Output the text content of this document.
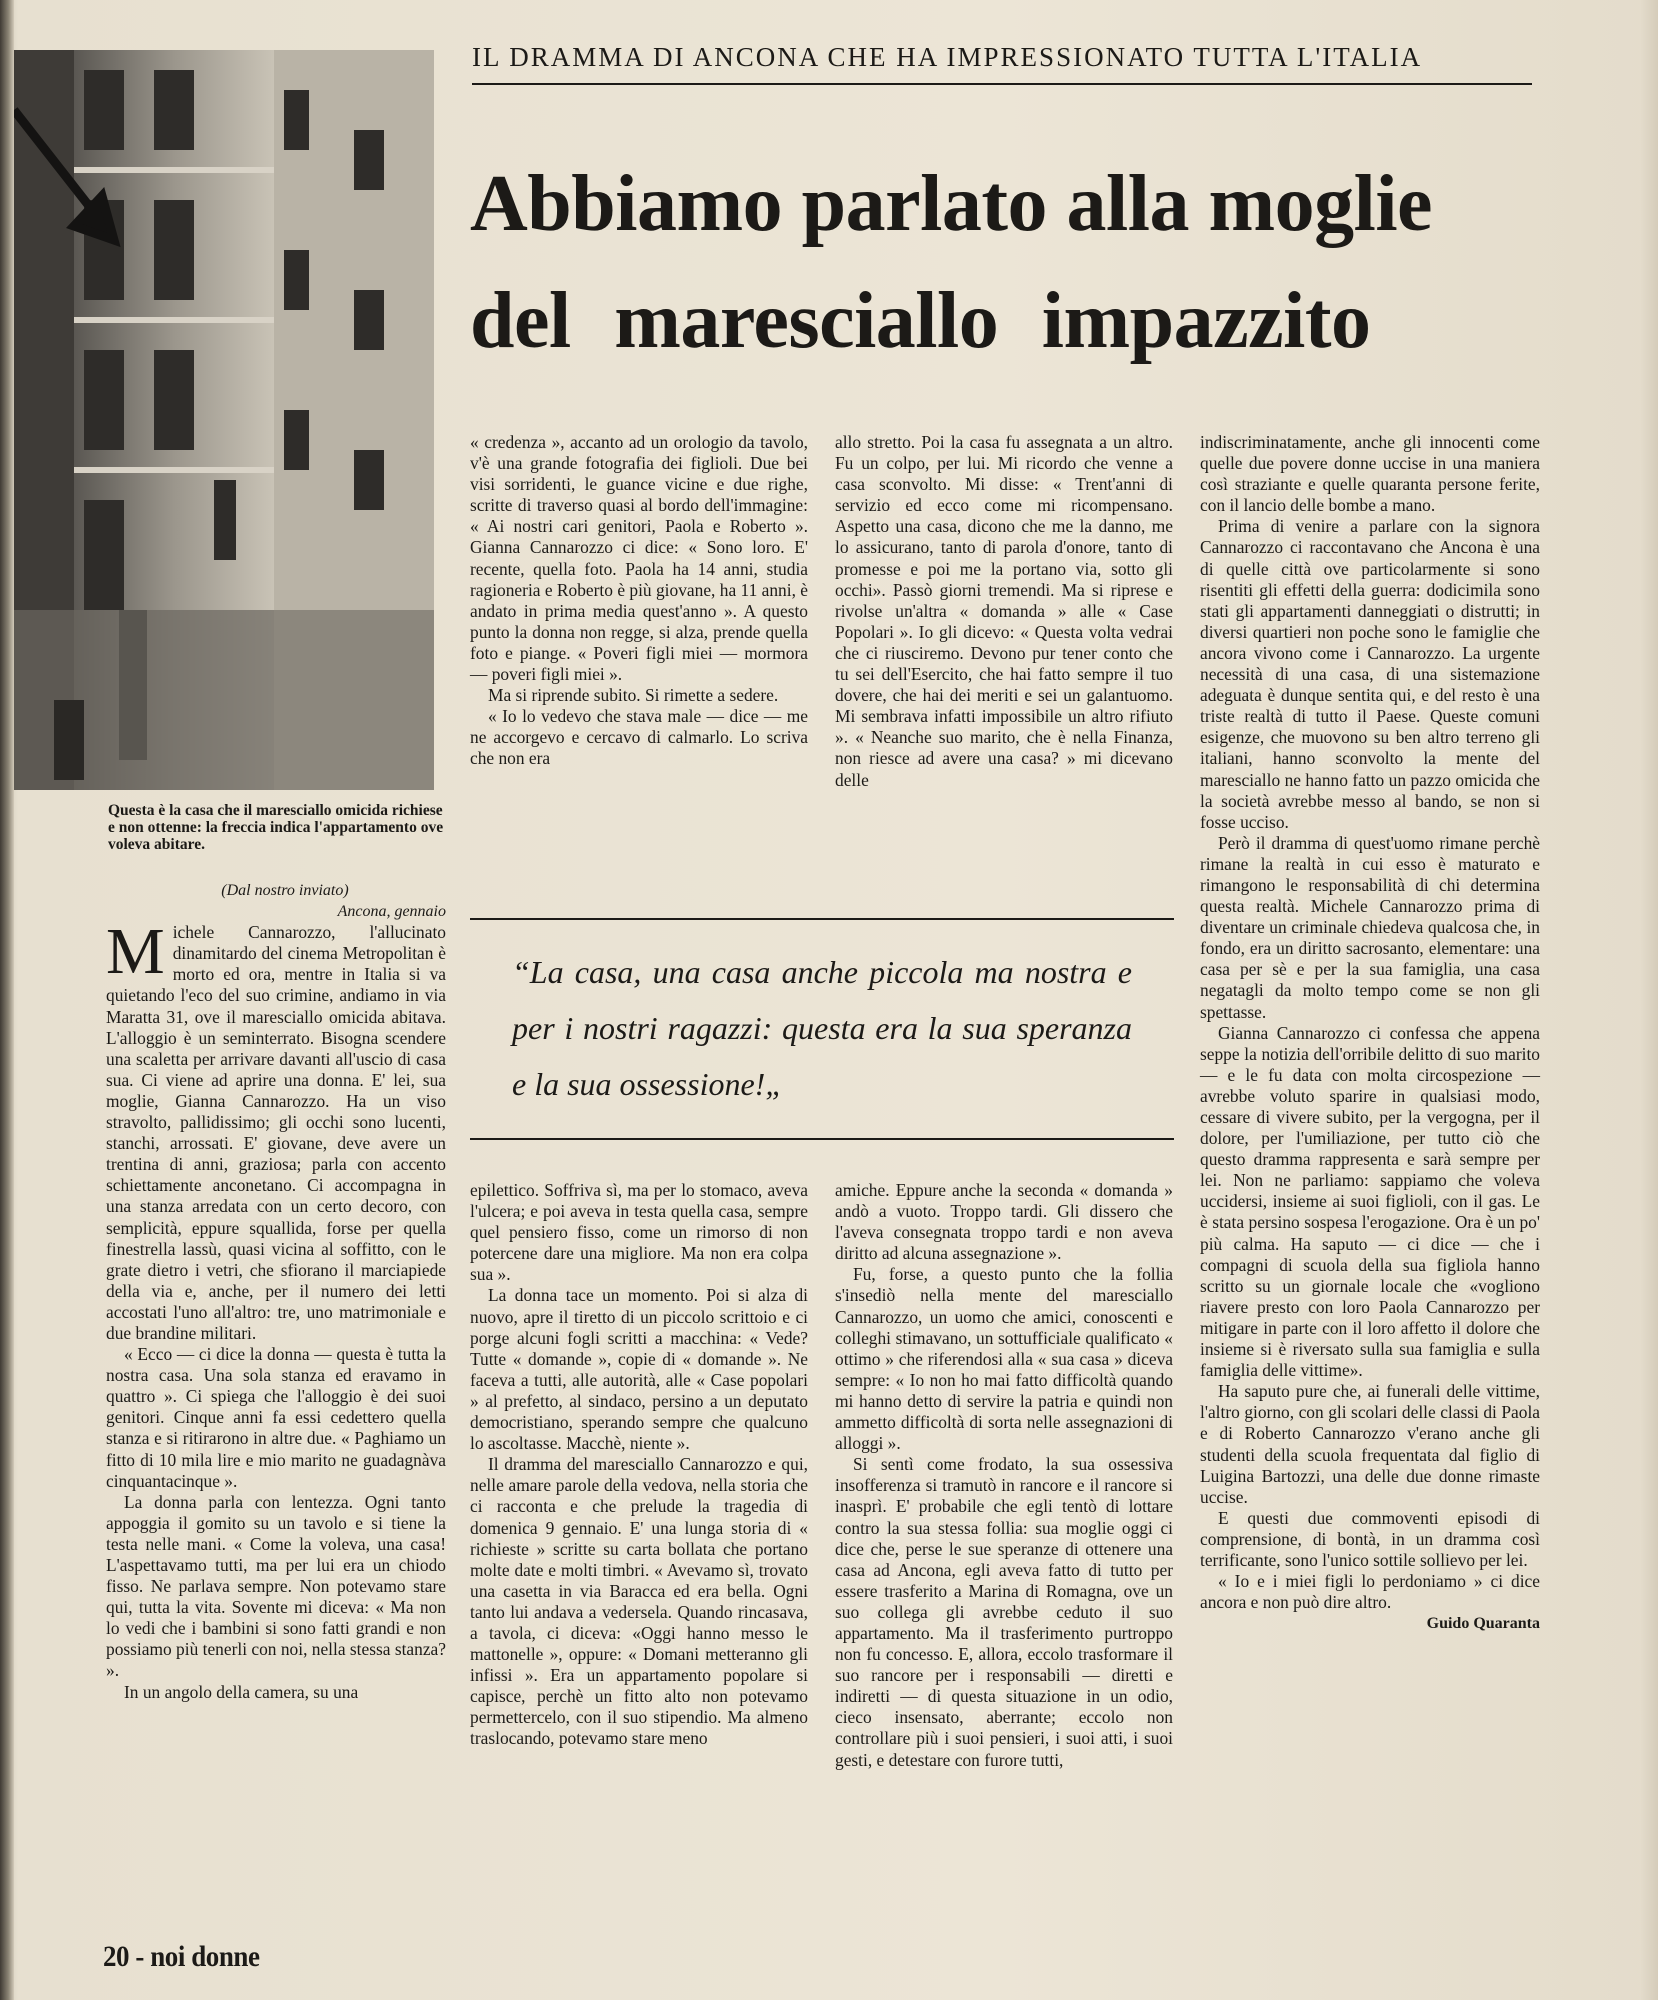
Questa è la casa che il maresciallo omicida richiese e non ottenne: la freccia indica l'appartamento ove voleva abitare.
IL DRAMMA DI ANCONA CHE HA IMPRESSIONATO TUTTA L'ITALIA
Abbiamo parlato alla moglie
del maresciallo impazzito

(Dal nostro inviato)

Ancona, gennaio

Michele Cannarozzo, l'allucinato dinamitardo del cinema Metropolitan è morto ed ora, mentre in Italia si va quietando l'eco del suo crimine, andiamo in via Maratta 31, ove il maresciallo omicida abitava. L'alloggio è un seminterrato. Bisogna scendere una scaletta per arrivare davanti all'uscio di casa sua. Ci viene ad aprire una donna. E' lei, sua moglie, Gianna Cannarozzo. Ha un viso stravolto, pallidissimo; gli occhi sono lucenti, stanchi, arrossati. E' giovane, deve avere un trentina di anni, graziosa; parla con accento schiettamente anconetano. Ci accompagna in una stanza arredata con un certo decoro, con semplicità, eppure squallida, forse per quella finestrella lassù, quasi vicina al soffitto, con le grate dietro i vetri, che sfiorano il marciapiede della via e, anche, per il numero dei letti accostati l'uno all'altro: tre, uno matrimoniale e due brandine militari.

« Ecco — ci dice la donna — questa è tutta la nostra casa. Una sola stanza ed eravamo in quattro ». Ci spiega che l'alloggio è dei suoi genitori. Cinque anni fa essi cedettero quella stanza e si ritirarono in altre due. « Paghiamo un fitto di 10 mila lire e mio marito ne guadagnàva cinquantacinque ».

La donna parla con lentezza. Ogni tanto appoggia il gomito su un tavolo e si tiene la testa nelle mani. « Come la voleva, una casa! L'aspettavamo tutti, ma per lui era un chiodo fisso. Ne parlava sempre. Non potevamo stare qui, tutta la vita. Sovente mi diceva: « Ma non lo vedi che i bambini si sono fatti grandi e non possiamo più tenerli con noi, nella stessa stanza? ».

In un angolo della camera, su una

« credenza », accanto ad un orologio da tavolo, v'è una grande fotografia dei figlioli. Due bei visi sorridenti, le guance vicine e due righe, scritte di traverso quasi al bordo dell'immagine: « Ai nostri cari genitori, Paola e Roberto ». Gianna Cannarozzo ci dice: « Sono loro. E' recente, quella foto. Paola ha 14 anni, studia ragioneria e Roberto è più giovane, ha 11 anni, è andato in prima media quest'anno ». A questo punto la donna non regge, si alza, prende quella foto e piange. « Poveri figli miei — mormora — poveri figli miei ».

Ma si riprende subito. Si rimette a sedere.

« Io lo vedevo che stava male — dice — me ne accorgevo e cercavo di calmarlo. Lo scriva che non era

allo stretto. Poi la casa fu assegnata a un altro. Fu un colpo, per lui. Mi ricordo che venne a casa sconvolto. Mi disse: « Trent'anni di servizio ed ecco come mi ricompensano. Aspetto una casa, dicono che me la danno, me lo assicurano, tanto di parola d'onore, tanto di promesse e poi me la portano via, sotto gli occhi». Passò giorni tremendi. Ma si riprese e rivolse un'altra « domanda » alle « Case Popolari ». Io gli dicevo: « Questa volta vedrai che ci riusciremo. Devono pur tener conto che tu sei dell'Esercito, che hai fatto sempre il tuo dovere, che hai dei meriti e sei un galantuomo. Mi sembrava infatti impossibile un altro rifiuto ». « Neanche suo marito, che è nella Finanza, non riesce ad avere una casa? » mi dicevano delle

“La casa, una casa anche piccola ma nostra e per i nostri ragazzi: questa era la sua speranza e la sua ossessione!„

epilettico. Soffriva sì, ma per lo stomaco, aveva l'ulcera; e poi aveva in testa quella casa, sempre quel pensiero fisso, come un rimorso di non potercene dare una migliore. Ma non era colpa sua ».

La donna tace un momento. Poi si alza di nuovo, apre il tiretto di un piccolo scrittoio e ci porge alcuni fogli scritti a macchina: « Vede? Tutte « domande », copie di « domande ». Ne faceva a tutti, alle autorità, alle « Case popolari » al prefetto, al sindaco, persino a un deputato democristiano, sperando sempre che qualcuno lo ascoltasse. Macchè, niente ».

Il dramma del maresciallo Cannarozzo e qui, nelle amare parole della vedova, nella storia che ci racconta e che prelude la tragedia di domenica 9 gennaio. E' una lunga storia di « richieste » scritte su carta bollata che portano molte date e molti timbri. « Avevamo sì, trovato una casetta in via Baracca ed era bella. Ogni tanto lui andava a vedersela. Quando rincasava, a tavola, ci diceva: «Oggi hanno messo le mattonelle », oppure: « Domani metteranno gli infissi ». Era un appartamento popolare si capisce, perchè un fitto alto non potevamo permettercelo, con il suo stipendio. Ma almeno traslocando, potevamo stare meno

amiche. Eppure anche la seconda « domanda » andò a vuoto. Troppo tardi. Gli dissero che l'aveva consegnata troppo tardi e non aveva diritto ad alcuna assegnazione ».

Fu, forse, a questo punto che la follia s'insediò nella mente del maresciallo Cannarozzo, un uomo che amici, conoscenti e colleghi stimavano, un sottufficiale qualificato « ottimo » che riferendosi alla « sua casa » diceva sempre: « Io non ho mai fatto difficoltà quando mi hanno detto di servire la patria e quindi non ammetto difficoltà di sorta nelle assegnazioni di alloggi ».

Si sentì come frodato, la sua ossessiva insofferenza si tramutò in rancore e il rancore si inasprì. E' probabile che egli tentò di lottare contro la sua stessa follia: sua moglie oggi ci dice che, perse le sue speranze di ottenere una casa ad Ancona, egli aveva fatto di tutto per essere trasferito a Marina di Romagna, ove un suo collega gli avrebbe ceduto il suo appartamento. Ma il trasferimento purtroppo non fu concesso. E, allora, eccolo trasformare il suo rancore per i responsabili — diretti e indiretti — di questa situazione in un odio, cieco insensato, aberrante; eccolo non controllare più i suoi pensieri, i suoi atti, i suoi gesti, e detestare con furore tutti,

indiscriminatamente, anche gli innocenti come quelle due povere donne uccise in una maniera così straziante e quelle quaranta persone ferite, con il lancio delle bombe a mano.

Prima di venire a parlare con la signora Cannarozzo ci raccontavano che Ancona è una di quelle città ove particolarmente si sono risentiti gli effetti della guerra: dodicimila sono stati gli appartamenti danneggiati o distrutti; in diversi quartieri non poche sono le famiglie che ancora vivono come i Cannarozzo. La urgente necessità di una casa, di una sistemazione adeguata è dunque sentita qui, e del resto è una triste realtà di tutto il Paese. Queste comuni esigenze, che muovono su ben altro terreno gli italiani, hanno sconvolto la mente del maresciallo ne hanno fatto un pazzo omicida che la società avrebbe messo al bando, se non si fosse ucciso.

Però il dramma di quest'uomo rimane perchè rimane la realtà in cui esso è maturato e rimangono le responsabilità di chi determina questa realtà. Michele Cannarozzo prima di diventare un criminale chiedeva qualcosa che, in fondo, era un diritto sacrosanto, elementare: una casa per sè e per la sua famiglia, una casa negatagli da molto tempo come se non gli spettasse.

Gianna Cannarozzo ci confessa che appena seppe la notizia dell'orribile delitto di suo marito — e le fu data con molta circospezione — avrebbe voluto sparire in qualsiasi modo, cessare di vivere subito, per la vergogna, per il dolore, per l'umiliazione, per tutto ciò che questo dramma rappresenta e sarà sempre per lei. Non ne parliamo: sappiamo che voleva uccidersi, insieme ai suoi figlioli, con il gas. Le è stata persino sospesa l'erogazione. Ora è un po' più calma. Ha saputo — ci dice — che i compagni di scuola della sua figliola hanno scritto su un giornale locale che «vogliono riavere presto con loro Paola Cannarozzo per mitigare in parte con il loro affetto il dolore che insieme si è riversato sulla sua famiglia e sulla famiglia delle vittime».

Ha saputo pure che, ai funerali delle vittime, l'altro giorno, con gli scolari delle classi di Paola e di Roberto Cannarozzo v'erano anche gli studenti della scuola frequentata dal figlio di Luigina Bartozzi, una delle due donne rimaste uccise.

E questi due commoventi episodi di comprensione, di bontà, in un dramma così terrificante, sono l'unico sottile sollievo per lei.

« Io e i miei figli lo perdoniamo » ci dice ancora e non può dire altro.

Guido Quaranta

20 - noi donne
